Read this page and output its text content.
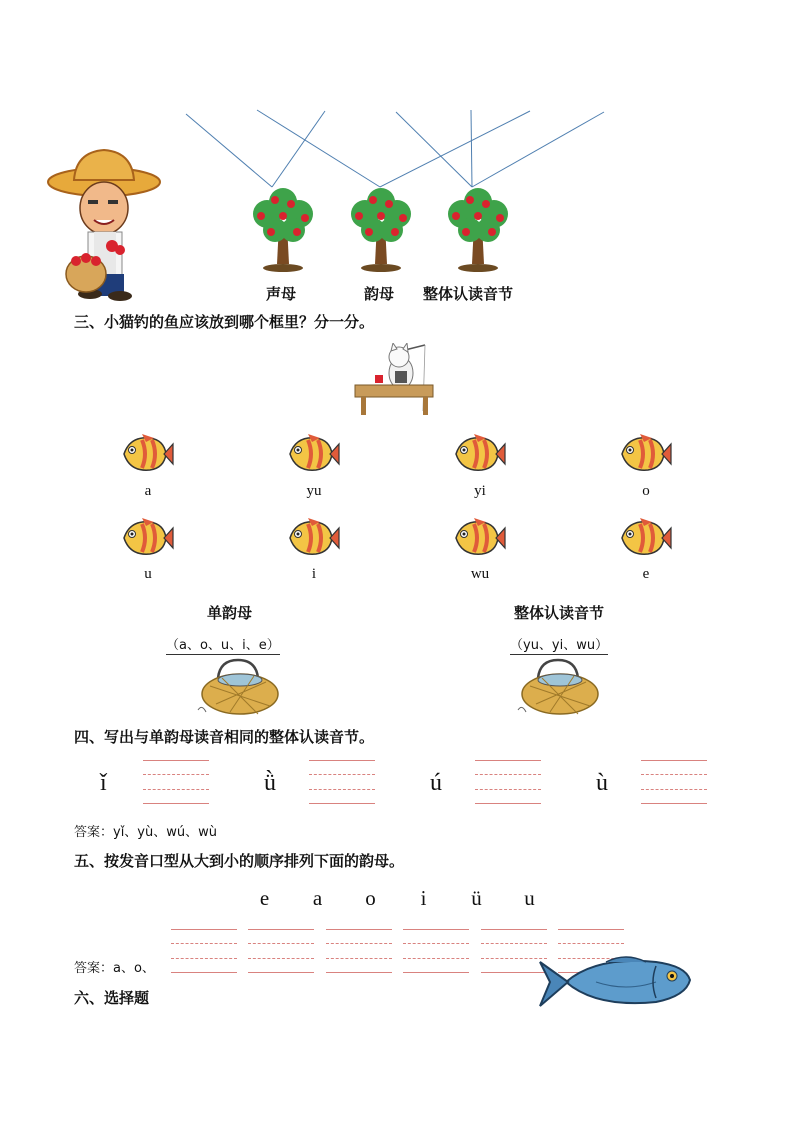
声母	韵母 整体认读音节
三、小猫钓的鱼应该放到哪个框里？分一分。
a	yu	yi	o
u	i	wu	e
单韵母
（a、o、u、i、e）
整体认读音节
（yu、yi、wu）
四、写出与单韵母读音相同的整体认读音节。
ǐ	ǜ	ú	ù
答案：yǐ、yù、wú、wù
五、按发音口型从大到小的顺序排列下面的韵母。
e a o i ü u
答案：a、o、
六、选择题
